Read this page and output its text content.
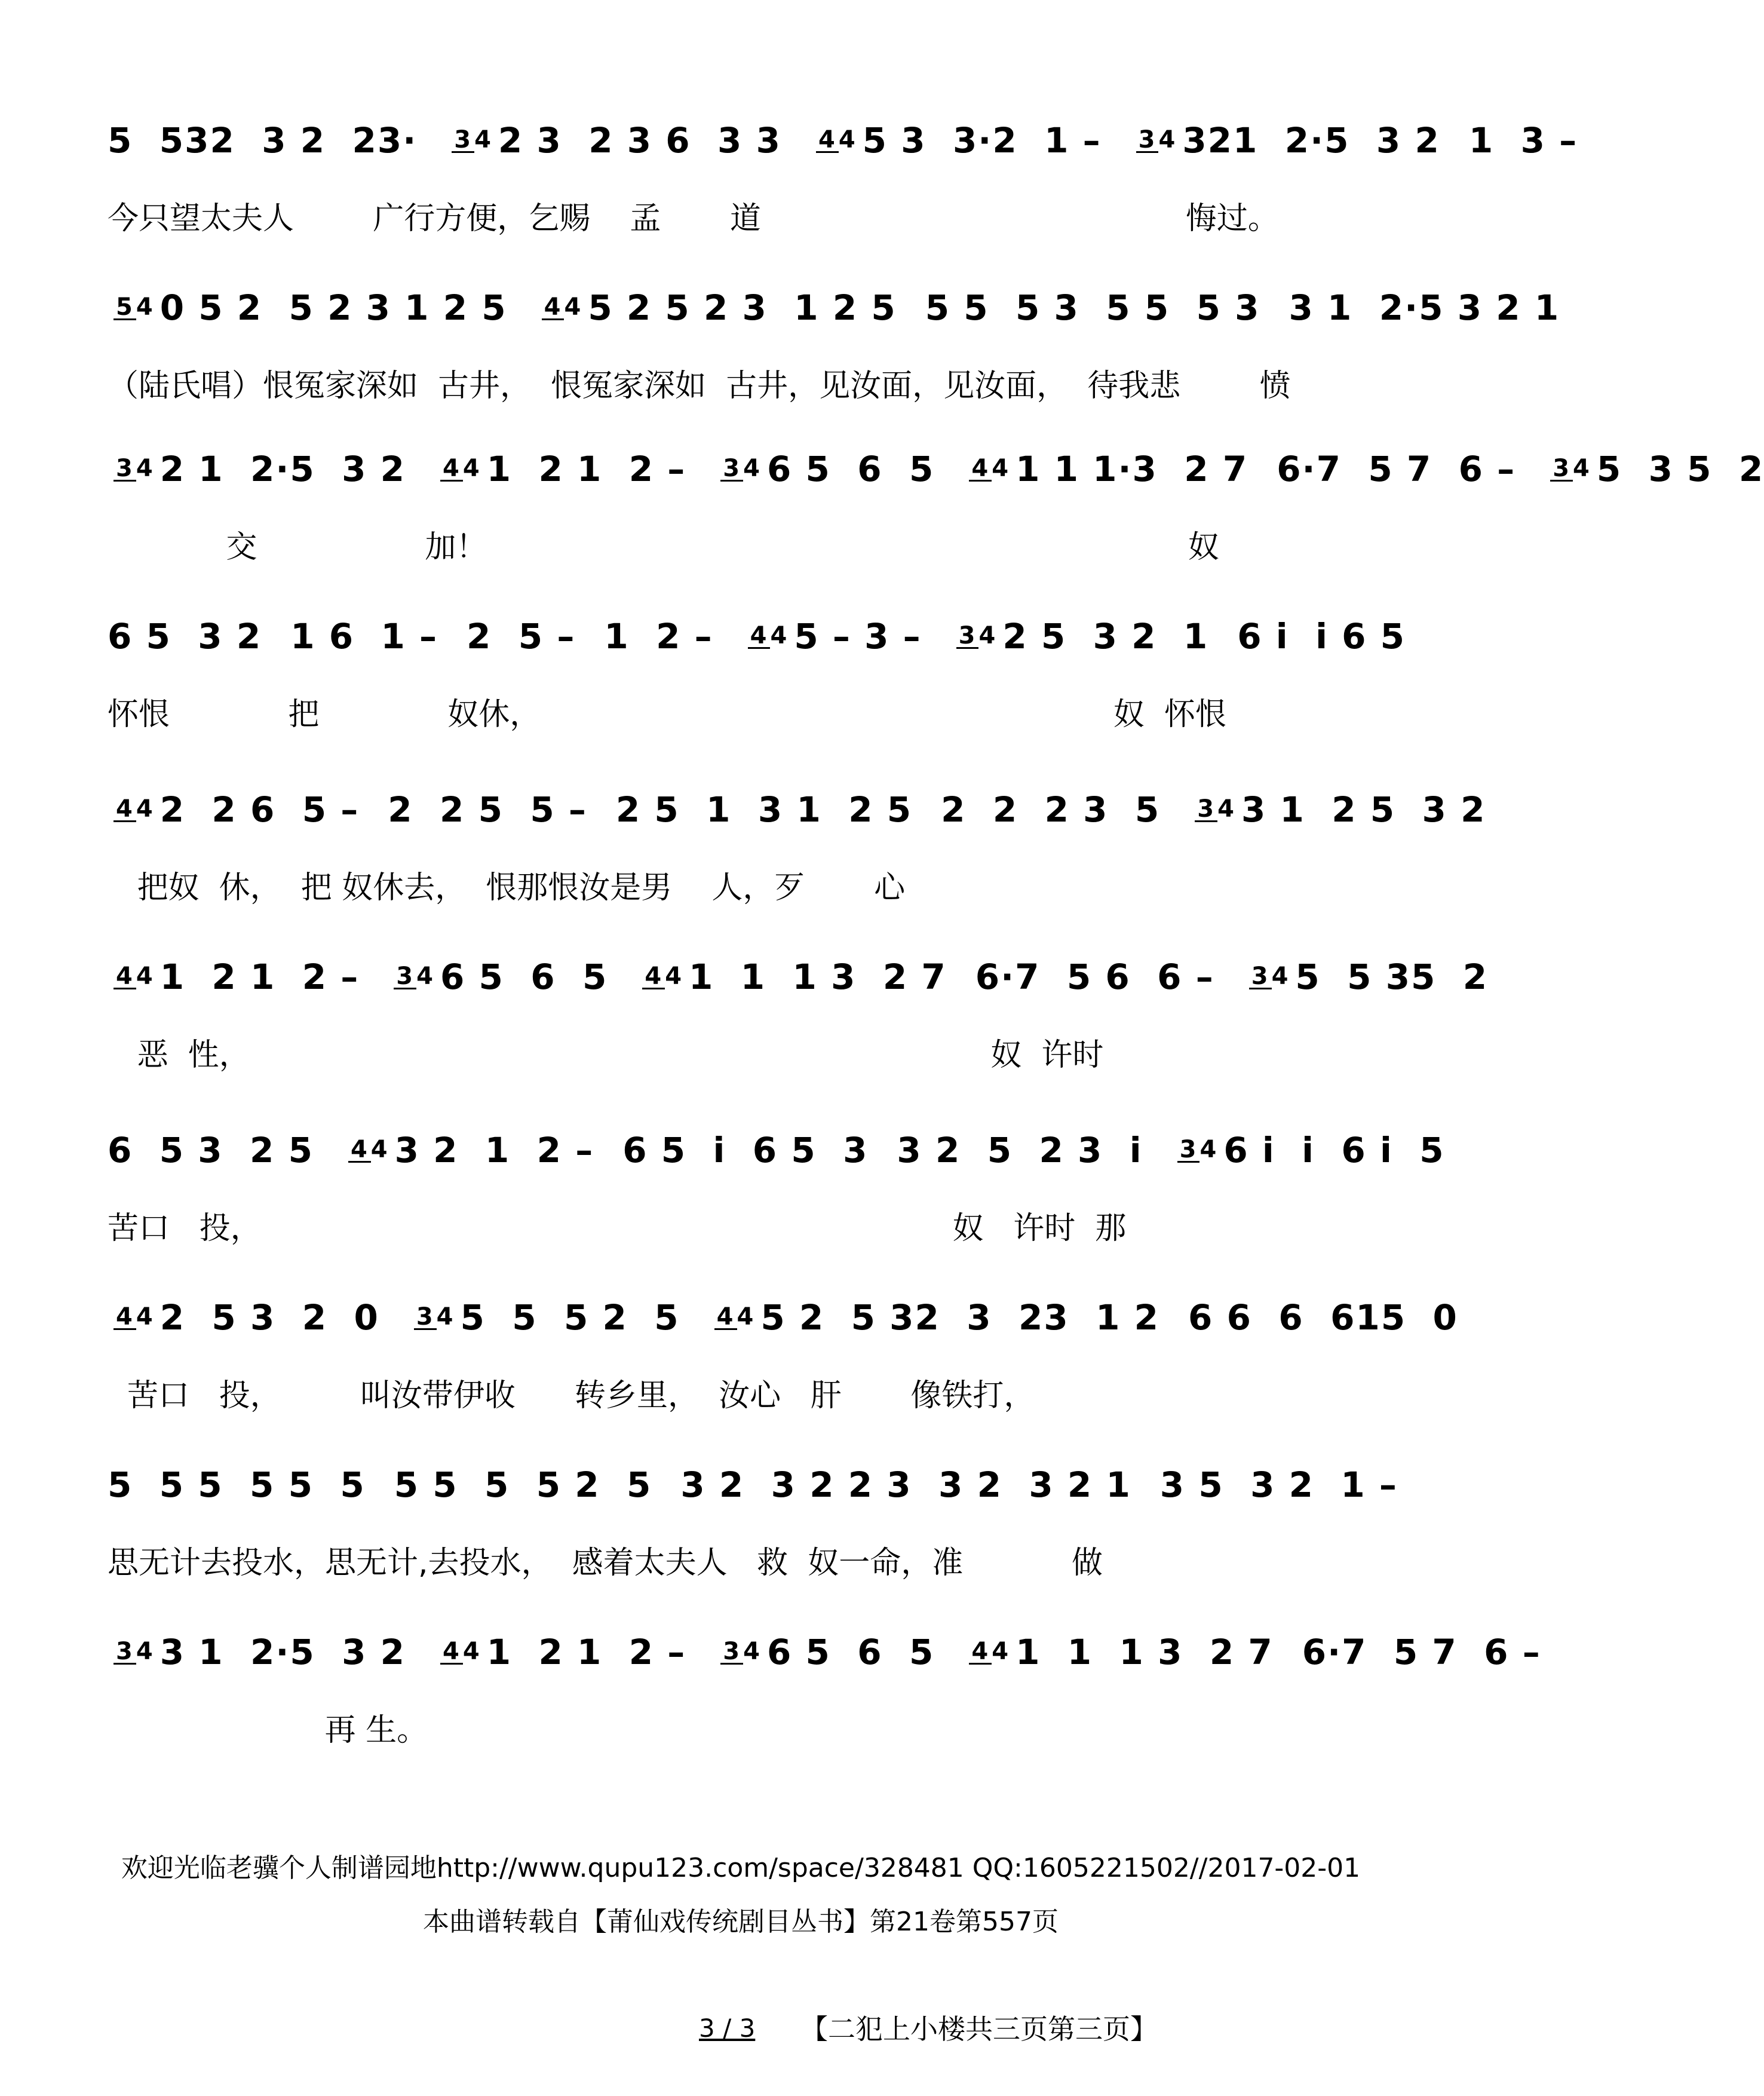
5  532  3 2  23· 3 4 2 3  2 3 6  3 3 4 4 5 3  3·2  1 – 3 4 321  2·5  3 2 1  3 –
今只望太夫人        广行方便，乞赐    孟       道                                           悔过。
5 4 0 5 2  5 2 3 1 2 5 4 4 5 2 5 2 3  1 2 5 5 5  5 3  5 5  5 3 3 1  2·5 3 2 1
（陆氏唱）恨冤家深如  古井，  恨冤家深如  古井，见汝面，见汝面，  待我悲        愤
3 4 2 1  2·5  3 2 4 4 1  2 1  2 – 3 4 6 5  6  5 4 4 1 1 1·3  2 7 6·7  5 7  6 – 3 4 5  3 5  2
交                 加！                                                                       奴
6 5  3 2 1 6  1 – 2  5 – 1  2 – 4 4 5 – 3 – 3 4 2 5  3 2  1 6 i  i 6 5
怀恨            把             奴休，                                                          奴  怀恨
4 4 2  2 6  5 – 2  2 5  5 – 2 5  1  3 1  2 5 2  2  2 3  5 3 4 3 1  2 5  3 2
把奴  休，  把 奴休去，  恨那恨汝是男    人，歹       心
4 4 1  2 1  2 – 3 4 6 5  6  5 4 4 1  1  1 3  2 7 6·7  5 6  6 – 3 4 5  5 35  2
恶  性，                                                                           奴  许时
6  5 3  2 5 4 4 3 2  1  2 – 6 5  i  6 5  3 3 2  5  2 3  i 3 4 6 i  i  6 i  5
苦口   投，                                                                      奴   许时  那
4 4 2  5 3  2  0 3 4 5  5  5 2  5 4 4 5 2  5 32  3  23  1 2 6 6  6  615  0
苦口   投，        叫汝带伊收      转乡里，  汝心   肝       像铁打，
5  5 5  5 5  5 5 5  5  5 2  5 3 2  3 2 2 3  3 2  3 2 1 3 5  3 2  1 –
思无计去投水，思无计,去投水，  感着太夫人   救  奴一命，准           做
3 4 3 1  2·5  3 2 4 4 1  2 1  2 – 3 4 6 5  6  5 4 4 1  1  1 3  2 7 6·7  5 7  6 –
再 生。
欢迎光临老骥个人制谱园地http://www.qupu123.com/space/328481 QQ:1605221502//2017-02-01
本曲谱转载自【莆仙戏传统剧目丛书】第21卷第557页
3 / 3	【二犯上小楼共三页第三页】
